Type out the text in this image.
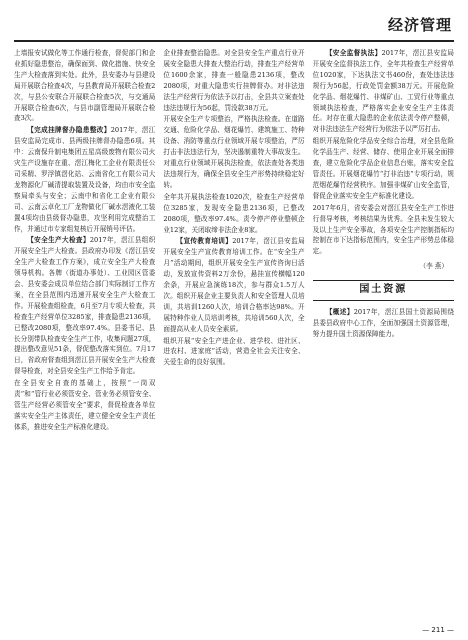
经济管理

上墙报安试做化等工作通行检查，督促部门和企业抓好隐患整治，确保面到、做化措施、快安全生产大检查落到实处。此外，县安委办与县建设局开展联合检查4次，与县教育局开展联合检查2次，与县公安联合开展联合检查5次，与交通局开展联合检查6次，与县市副管理局开展联合检查3次。

【完成挂牌督办隐患整改】2017年，滘江县安监局完成市、县两级挂牌督办隐患6项。其中：云南保升制电集团五星高级废物有限公司火灾生产设施存在重、滘江梅化工企业有限责任公司采精、罗浮镇滘化站、云南省化工有限公司大龙物源化厂碱清提取装置及设备，均由市安全监察局牵头与安全；云南中和省化工企业有限公司、云南云卓化工厂龙物做化厂碱水滘液化工装置4项均由县级督办隐患，攻坚利用完成整治工作，并通过市专家组复核后开展销号评估。

【安全生产大检查】2017年，滘江县组织开展安全生产大检查。县政府办印发《滘江县安全生产大检查工作方案》，成立安全生产大检查领导机构。各牌（街道办事处）、工业园区管委会、县安委会成员单位结合部门实际制订工作方案，在全县范围内迅速开展安全生产大检查工作。开展检查组检查，6月至7月专项大检查，共检查生产经营单位3285家，排查隐患2136项，已整改2080项，整改率97.4%。县委书记、县长分别带队检查安全生产工作，收集问题27项，提出整改意见51条，督促整改落实到位。7月17日，省政府督查组到滘江县开展安全生产大检查督导检查，对全县安全生产工作给予肯定。

在全县安全自查的基础上，按照“一岗双责”和“管行业必须管安全、管业务必须管安全、管生产经营必须管安全”要求，督促检查各单位落实安全生产主体责任，建立健全安全生产责任体系，推进安全生产标准化建设。

企业排查整治隐患。对全县安全生产重点行业开展安全隐患大排查大整治行动，排查生产经营单位1600余家，排查一般隐患2136项，整改2080项，对重大隐患实行挂牌督办。对非法违法生产经营行为依法予以打击，全县共立案查处违法违规行为56起，罚没款38万元。

开展安全生产专项整治，严格执法检查。在道路交通、危险化学品、烟花爆竹、建筑施工、特种设备、消防等重点行业领域开展专项整治，严厉打击非法违法行为，坚决遏制重特大事故发生。对重点行业领域开展执法检查，依法查处各类违法违规行为，确保全县安全生产形势持续稳定好转。

全年共开展执法检查1020次，检查生产经营单位3285家，发现安全隐患2136项，已整改2080项，整改率97.4%。责令停产停业整顿企业12家，关闭取缔非法企业8家。

【宣传教育培训】2017年，滘江县安监局开展安全生产宣传教育培训工作。在“安全生产月”活动期间，组织开展安全生产宣传咨询日活动，发放宣传资料2万余份，悬挂宣传横幅120余条，开展应急演练18次，参与群众1.5万人次。组织开展企业主要负责人和安全管理人员培训，共培训1260人次，培训合格率达98%。开展特种作业人员培训考核，共培训560人次，全面提高从业人员安全素质。

组织开展“安全生产进企业、进学校、进社区、进农村、进家庭”活动，营造全社会关注安全、关爱生命的良好氛围。

【安全监督执法】2017年，滘江县安监局开展安全监督执法工作，全年共检查生产经营单位1020家，下达执法文书460份，查处违法违规行为56起，行政处罚金额38万元。开展危险化学品、烟花爆竹、非煤矿山、工贸行业等重点领域执法检查，严格落实企业安全生产主体责任。对存在重大隐患的企业依法责令停产整顿，对非法违法生产经营行为依法予以严厉打击。

组织开展危险化学品安全综合治理，对全县危险化学品生产、经营、储存、使用企业开展全面排查，建立危险化学品企业信息台账，落实安全监管责任。开展烟花爆竹“打非治违”专项行动，规范烟花爆竹经营秩序。加强非煤矿山安全监管，督促企业落实安全生产标准化建设。

2017年6月，省安委会对滘江县安全生产工作进行督导考核，考核结果为优秀。全县未发生较大及以上生产安全事故，各项安全生产控制指标均控制在市下达指标范围内，安全生产形势总体稳定。

（李 燕）
国土资源

【概述】2017年，滘江县国土资源局围绕县委县政府中心工作，全面加强国土资源管理，努力提升国土资源保障能力。

— 211 —
